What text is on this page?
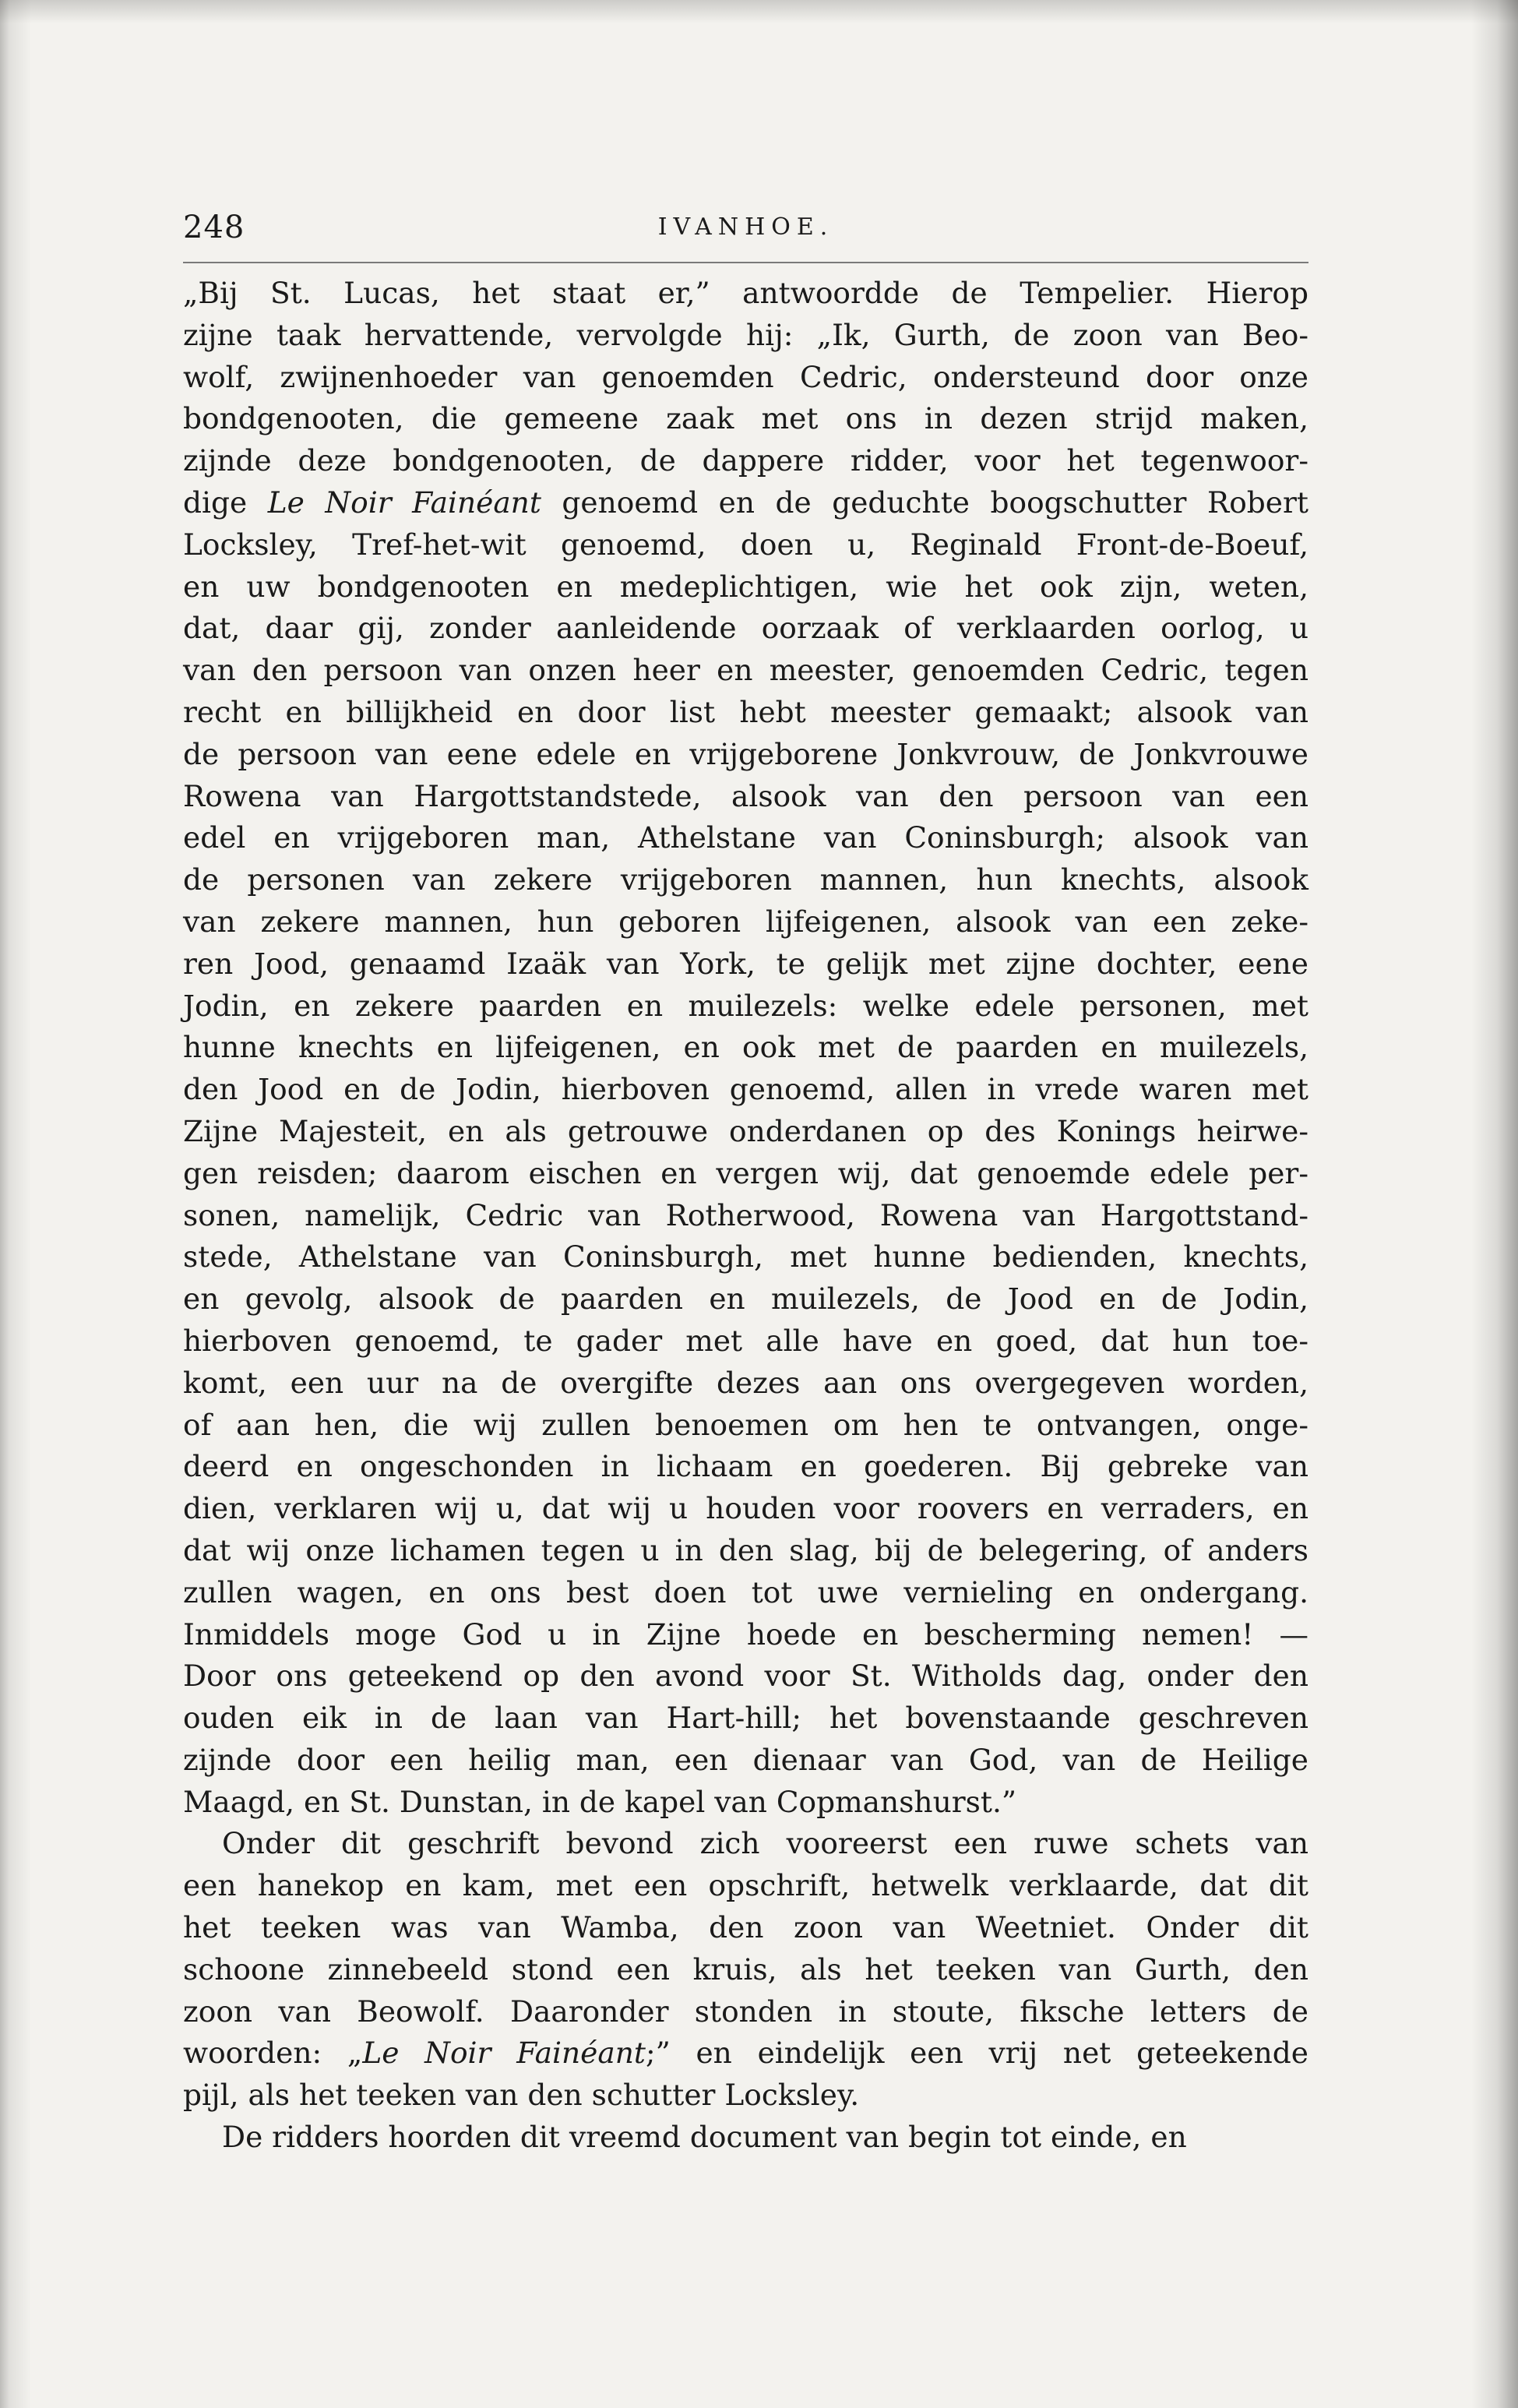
248	IVANHOE.
„Bij St. Lucas, het staat er,” antwoordde de Tempelier. Hierop
zijne taak hervattende, vervolgde hij: „Ik, Gurth, de zoon van Beo-
wolf, zwijnenhoeder van genoemden Cedric, ondersteund door onze
bondgenooten, die gemeene zaak met ons in dezen strijd maken,
zijnde deze bondgenooten, de dappere ridder, voor het tegenwoor-
dige Le Noir Fainéant genoemd en de geduchte boogschutter Robert
Locksley, Tref-het-wit genoemd, doen u, Reginald Front-de-Boeuf,
en uw bondgenooten en medeplichtigen, wie het ook zijn, weten,
dat, daar gij, zonder aanleidende oorzaak of verklaarden oorlog, u
van den persoon van onzen heer en meester, genoemden Cedric, tegen
recht en billijkheid en door list hebt meester gemaakt; alsook van
de persoon van eene edele en vrijgeborene Jonkvrouw, de Jonkvrouwe
Rowena van Hargottstandstede, alsook van den persoon van een
edel en vrijgeboren man, Athelstane van Coninsburgh; alsook van
de personen van zekere vrijgeboren mannen, hun knechts, alsook
van zekere mannen, hun geboren lijfeigenen, alsook van een zeke-
ren Jood, genaamd Izaäk van York, te gelijk met zijne dochter, eene
Jodin, en zekere paarden en muilezels: welke edele personen, met
hunne knechts en lijfeigenen, en ook met de paarden en muilezels,
den Jood en de Jodin, hierboven genoemd, allen in vrede waren met
Zijne Majesteit, en als getrouwe onderdanen op des Konings heirwe-
gen reisden; daarom eischen en vergen wij, dat genoemde edele per-
sonen, namelijk, Cedric van Rotherwood, Rowena van Hargottstand-
stede, Athelstane van Coninsburgh, met hunne bedienden, knechts,
en gevolg, alsook de paarden en muilezels, de Jood en de Jodin,
hierboven genoemd, te gader met alle have en goed, dat hun toe-
komt, een uur na de overgifte dezes aan ons overgegeven worden,
of aan hen, die wij zullen benoemen om hen te ontvangen, onge-
deerd en ongeschonden in lichaam en goederen. Bij gebreke van
dien, verklaren wij u, dat wij u houden voor roovers en verraders, en
dat wij onze lichamen tegen u in den slag, bij de belegering, of anders
zullen wagen, en ons best doen tot uwe vernieling en ondergang.
Inmiddels moge God u in Zijne hoede en bescherming nemen! —
Door ons geteekend op den avond voor St. Witholds dag, onder den
ouden eik in de laan van Hart-hill; het bovenstaande geschreven
zijnde door een heilig man, een dienaar van God, van de Heilige
Maagd, en St. Dunstan, in de kapel van Copmanshurst.”
Onder dit geschrift bevond zich vooreerst een ruwe schets van
een hanekop en kam, met een opschrift, hetwelk verklaarde, dat dit
het teeken was van Wamba, den zoon van Weetniet. Onder dit
schoone zinnebeeld stond een kruis, als het teeken van Gurth, den
zoon van Beowolf. Daaronder stonden in stoute, fiksche letters de
woorden: „Le Noir Fainéant;” en eindelijk een vrij net geteekende
pijl, als het teeken van den schutter Locksley.
De ridders hoorden dit vreemd document van begin tot einde, en
